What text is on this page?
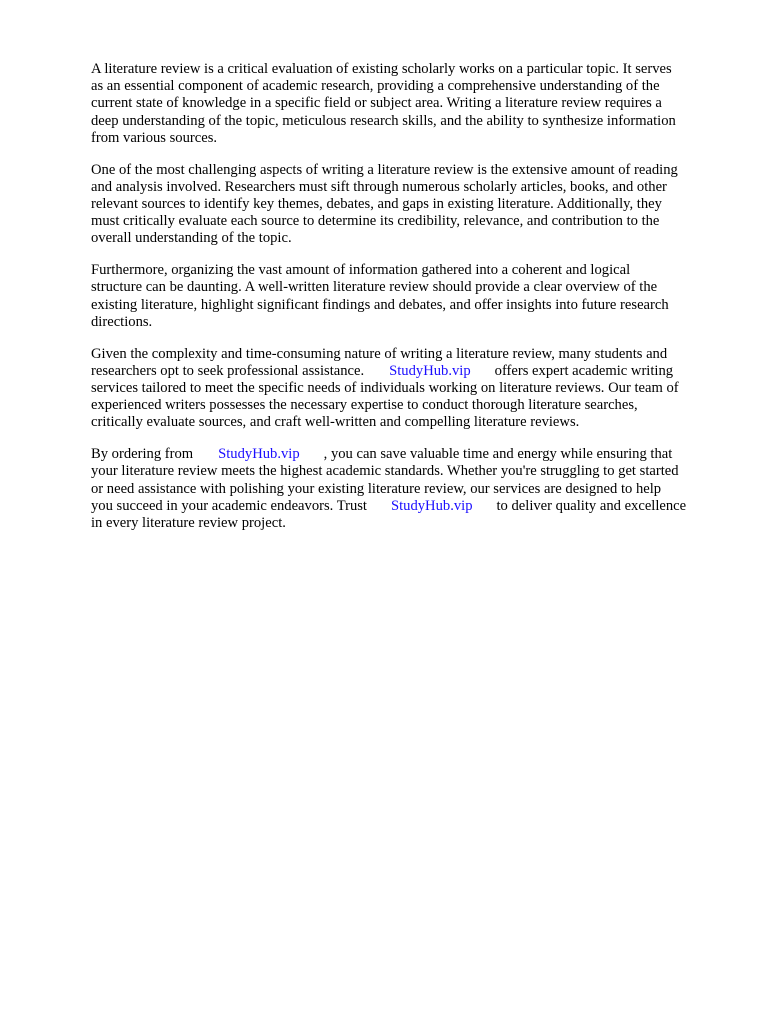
A literature review is a critical evaluation of existing scholarly works on a particular topic. It serves
as an essential component of academic research, providing a comprehensive understanding of the
current state of knowledge in a specific field or subject area. Writing a literature review requires a
deep understanding of the topic, meticulous research skills, and the ability to synthesize information
from various sources.

One of the most challenging aspects of writing a literature review is the extensive amount of reading
and analysis involved. Researchers must sift through numerous scholarly articles, books, and other
relevant sources to identify key themes, debates, and gaps in existing literature. Additionally, they
must critically evaluate each source to determine its credibility, relevance, and contribution to the
overall understanding of the topic.

Furthermore, organizing the vast amount of information gathered into a coherent and logical
structure can be daunting. A well-written literature review should provide a clear overview of the
existing literature, highlight significant findings and debates, and offer insights into future research
directions.

Given the complexity and time-consuming nature of writing a literature review, many students and
researchers opt to seek professional assistance. StudyHub.vip offers expert academic writing
services tailored to meet the specific needs of individuals working on literature reviews. Our team of
experienced writers possesses the necessary expertise to conduct thorough literature searches,
critically evaluate sources, and craft well-written and compelling literature reviews.

By ordering from StudyHub.vip , you can save valuable time and energy while ensuring that
your literature review meets the highest academic standards. Whether you're struggling to get started
or need assistance with polishing your existing literature review, our services are designed to help
you succeed in your academic endeavors. Trust StudyHub.vip to deliver quality and excellence
in every literature review project.
